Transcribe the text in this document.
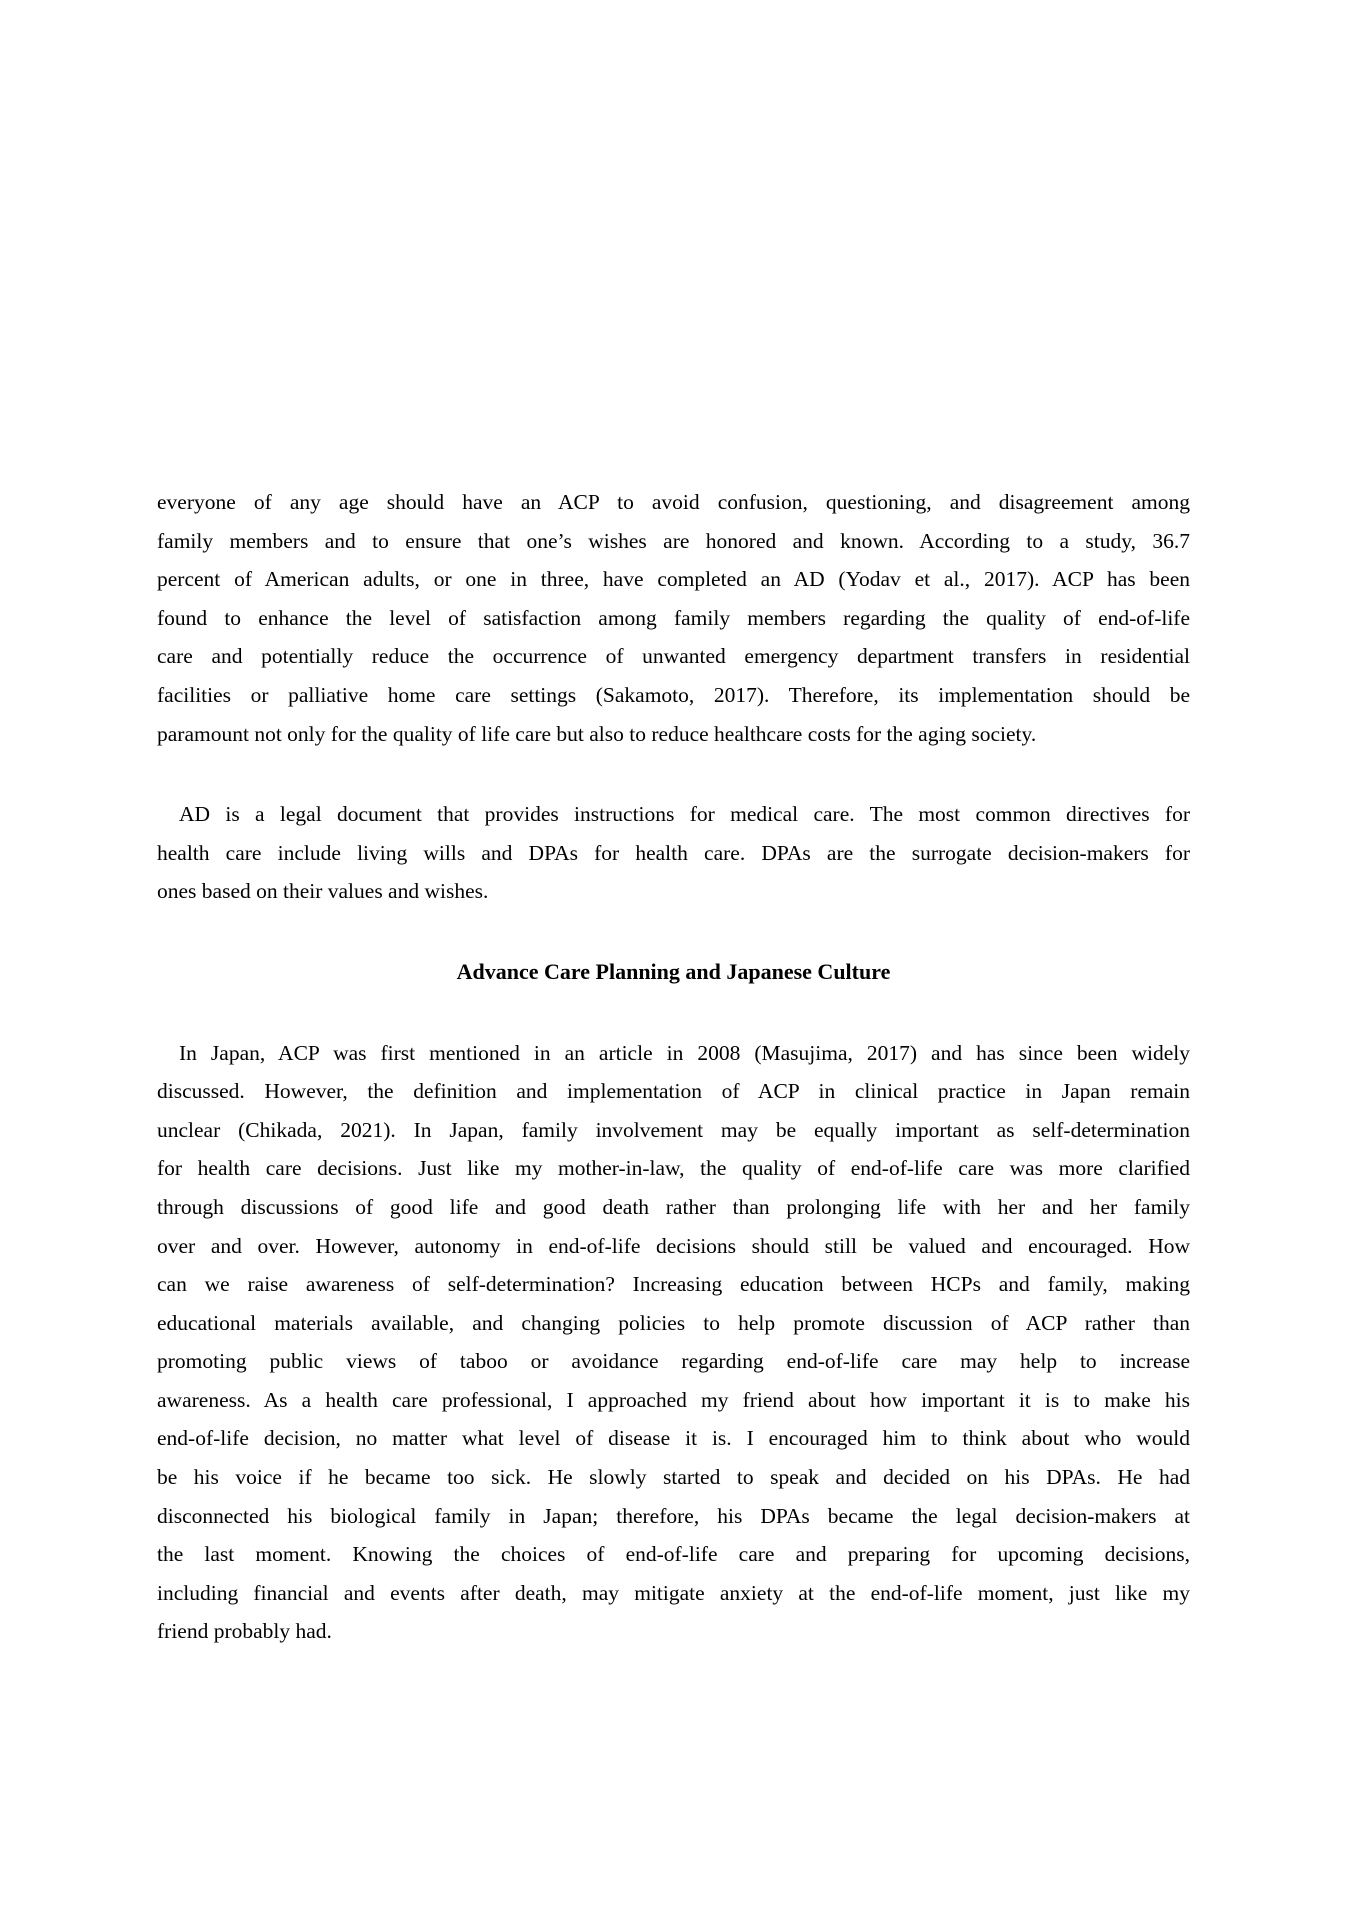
everyone of any age should have an ACP to avoid confusion, questioning, and disagreement among
family members and to ensure that one’s wishes are honored and known. According to a study, 36.7
percent of American adults, or one in three, have completed an AD (Yodav et al., 2017). ACP has been
found to enhance the level of satisfaction among family members regarding the quality of end-of-life
care and potentially reduce the occurrence of unwanted emergency department transfers in residential
facilities or palliative home care settings (Sakamoto, 2017). Therefore, its implementation should be
paramount not only for the quality of life care but also to reduce healthcare costs for the aging society.
AD is a legal document that provides instructions for medical care. The most common directives for
health care include living wills and DPAs for health care. DPAs are the surrogate decision-makers for
ones based on their values and wishes.
Advance Care Planning and Japanese Culture
In Japan, ACP was first mentioned in an article in 2008 (Masujima, 2017) and has since been widely
discussed. However, the definition and implementation of ACP in clinical practice in Japan remain
unclear (Chikada, 2021). In Japan, family involvement may be equally important as self-determination
for health care decisions. Just like my mother-in-law, the quality of end-of-life care was more clarified
through discussions of good life and good death rather than prolonging life with her and her family
over and over. However, autonomy in end-of-life decisions should still be valued and encouraged. How
can we raise awareness of self-determination? Increasing education between HCPs and family, making
educational materials available, and changing policies to help promote discussion of ACP rather than
promoting public views of taboo or avoidance regarding end-of-life care may help to increase
awareness. As a health care professional, I approached my friend about how important it is to make his
end-of-life decision, no matter what level of disease it is. I encouraged him to think about who would
be his voice if he became too sick. He slowly started to speak and decided on his DPAs. He had
disconnected his biological family in Japan; therefore, his DPAs became the legal decision-makers at
the last moment. Knowing the choices of end-of-life care and preparing for upcoming decisions,
including financial and events after death, may mitigate anxiety at the end-of-life moment, just like my
friend probably had.
